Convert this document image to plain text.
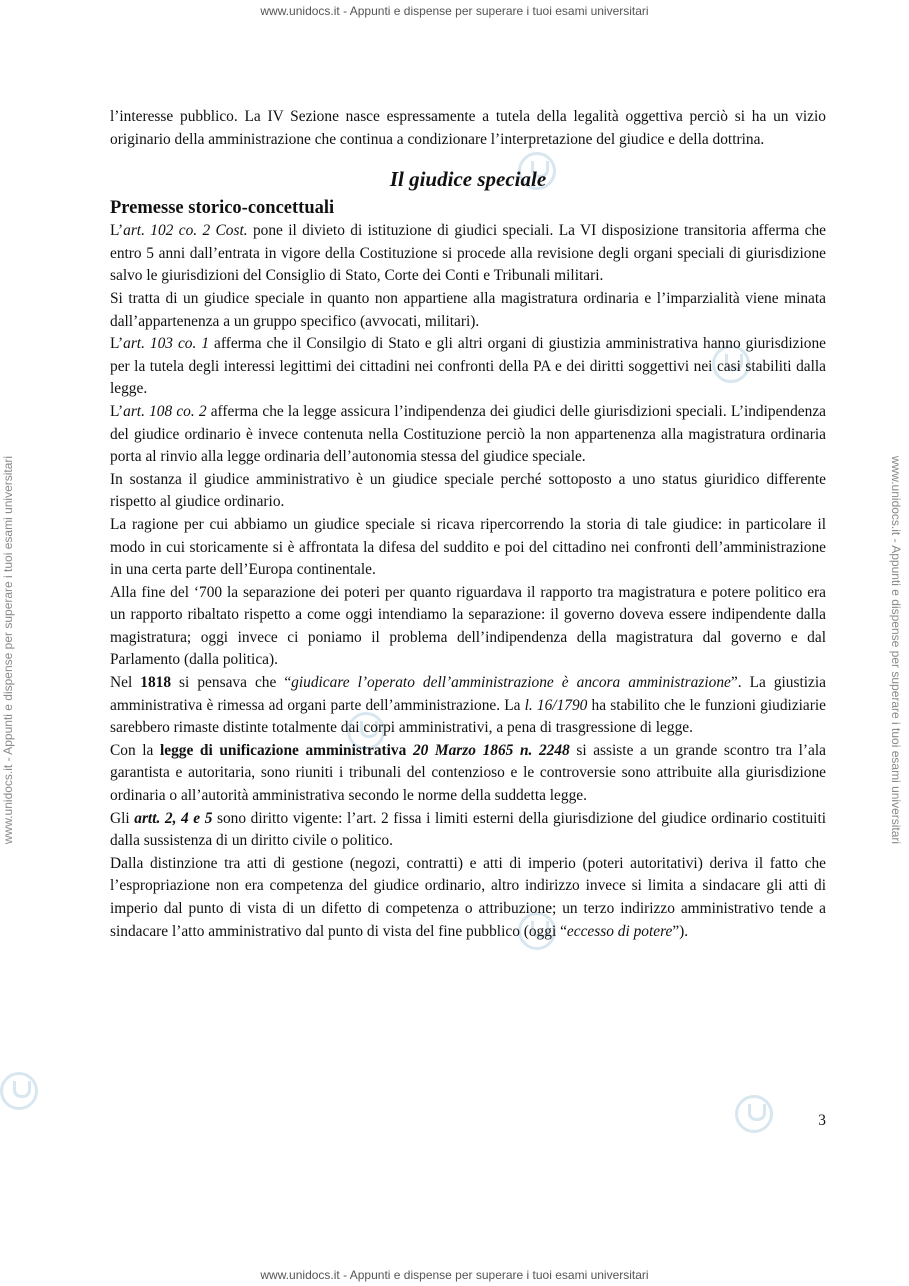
www.unidocs.it - Appunti e dispense per superare i tuoi esami universitari
www.unidocs.it - Appunti e dispense per superare i tuoi esami universitari
www.unidocs.it - Appunti e dispense per superare i tuoi esami universitari	www.unidocs.it - Appunti e dispense per superare i tuoi esami universitari

l’interesse pubblico. La IV Sezione nasce espressamente a tutela della legalità oggettiva perciò si ha un vizio originario della amministrazione che continua a condizionare l’interpretazione del giudice e della dottrina.

Il giudice speciale
Premesse storico-concettuali

L’art. 102 co. 2 Cost. pone il divieto di istituzione di giudici speciali. La VI disposizione transitoria afferma che entro 5 anni dall’entrata in vigore della Costituzione si procede alla revisione degli organi speciali di giurisdizione salvo le giurisdizioni del Consiglio di Stato, Corte dei Conti e Tribunali militari.

Si tratta di un giudice speciale in quanto non appartiene alla magistratura ordinaria e l’imparzialità viene minata dall’appartenenza a un gruppo specifico (avvocati, militari).

L’art. 103 co. 1 afferma che il Consilgio di Stato e gli altri organi di giustizia amministrativa hanno giurisdizione per la tutela degli interessi legittimi dei cittadini nei confronti della PA e dei diritti soggettivi nei casi stabiliti dalla legge.

L’art. 108 co. 2 afferma che la legge assicura l’indipendenza dei giudici delle giurisdizioni speciali. L’indipendenza del giudice ordinario è invece contenuta nella Costituzione perciò la non appartenenza alla magistratura ordinaria porta al rinvio alla legge ordinaria dell’autonomia stessa del giudice speciale.

In sostanza il giudice amministrativo è un giudice speciale perché sottoposto a uno status giuridico differente rispetto al giudice ordinario.

La ragione per cui abbiamo un giudice speciale si ricava ripercorrendo la storia di tale giudice: in particolare il modo in cui storicamente si è affrontata la difesa del suddito e poi del cittadino nei confronti dell’amministrazione in una certa parte dell’Europa continentale.

Alla fine del ‘700 la separazione dei poteri per quanto riguardava il rapporto tra magistratura e potere politico era un rapporto ribaltato rispetto a come oggi intendiamo la separazione: il governo doveva essere indipendente dalla magistratura; oggi invece ci poniamo il problema dell’indipendenza della magistratura dal governo e dal Parlamento (dalla politica).

Nel 1818 si pensava che “giudicare l’operato dell’amministrazione è ancora amministrazione”. La giustizia amministrativa è rimessa ad organi parte dell’amministrazione. La l. 16/1790 ha stabilito che le funzioni giudiziarie sarebbero rimaste distinte totalmente dai corpi amministrativi, a pena di trasgressione di legge.

Con la legge di unificazione amministrativa 20 Marzo 1865 n. 2248 si assiste a un grande scontro tra l’ala garantista e autoritaria, sono riuniti i tribunali del contenzioso e le controversie sono attribuite alla giurisdizione ordinaria o all’autorità amministrativa secondo le norme della suddetta legge.

Gli artt. 2, 4 e 5 sono diritto vigente: l’art. 2 fissa i limiti esterni della giurisdizione del giudice ordinario costituiti dalla sussistenza di un diritto civile o politico.

Dalla distinzione tra atti di gestione (negozi, contratti) e atti di imperio (poteri autoritativi) deriva il fatto che l’espropriazione non era competenza del giudice ordinario, altro indirizzo invece si limita a sindacare gli atti di imperio dal punto di vista di un difetto di competenza o attribuzione; un terzo indirizzo amministrativo tende a sindacare l’atto amministrativo dal punto di vista del fine pubblico (oggi “eccesso di potere”).

3
